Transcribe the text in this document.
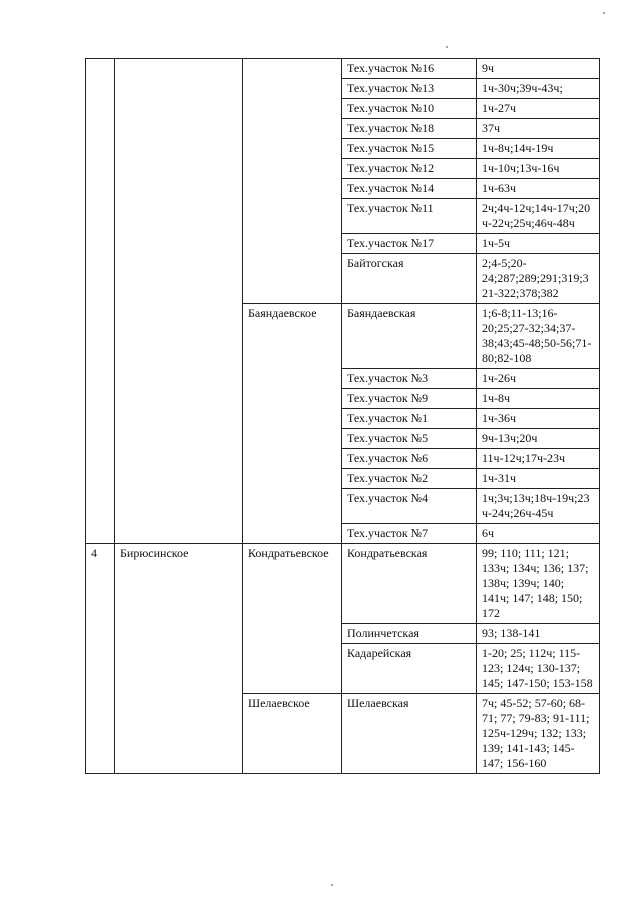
			Тех.участок №16	9ч
			Тех.участок №13	1ч-30ч;39ч-43ч;
			Тех.участок №10	1ч-27ч
			Тех.участок №18	37ч
			Тех.участок №15	1ч-8ч;14ч-19ч
			Тех.участок №12	1ч-10ч;13ч-16ч
			Тех.участок №14	1ч-63ч
			Тех.участок №11	2ч;4ч-12ч;14ч-17ч;20ч-22ч;25ч;46ч-48ч
			Тех.участок №17	1ч-5ч
			Байтогская	2;4-5;20-24;287;289;291;319;321-322;378;382
		Баяндаевское	Баяндаевская	1;6-8;11-13;16-20;25;27-32;34;37-38;43;45-48;50-56;71-80;82-108
			Тех.участок №3	1ч-26ч
			Тех.участок №9	1ч-8ч
			Тех.участок №1	1ч-36ч
			Тех.участок №5	9ч-13ч;20ч
			Тех.участок №6	11ч-12ч;17ч-23ч
			Тех.участок №2	1ч-31ч
			Тех.участок №4	1ч;3ч;13ч;18ч-19ч;23ч-24ч;26ч-45ч
			Тех.участок №7	6ч
4	Бирюсинское	Кондратьевское	Кондратьевская	99; 110; 111; 121; 133ч; 134ч; 136; 137; 138ч; 139ч; 140; 141ч; 147; 148; 150; 172
			Полинчетская	93; 138-141
			Кадарейская	1-20; 25; 112ч; 115-123; 124ч; 130-137; 145; 147-150; 153-158
		Шелаевское	Шелаевская	7ч; 45-52; 57-60; 68-71; 77; 79-83; 91-111; 125ч-129ч; 132; 133; 139; 141-143; 145-147; 156-160
